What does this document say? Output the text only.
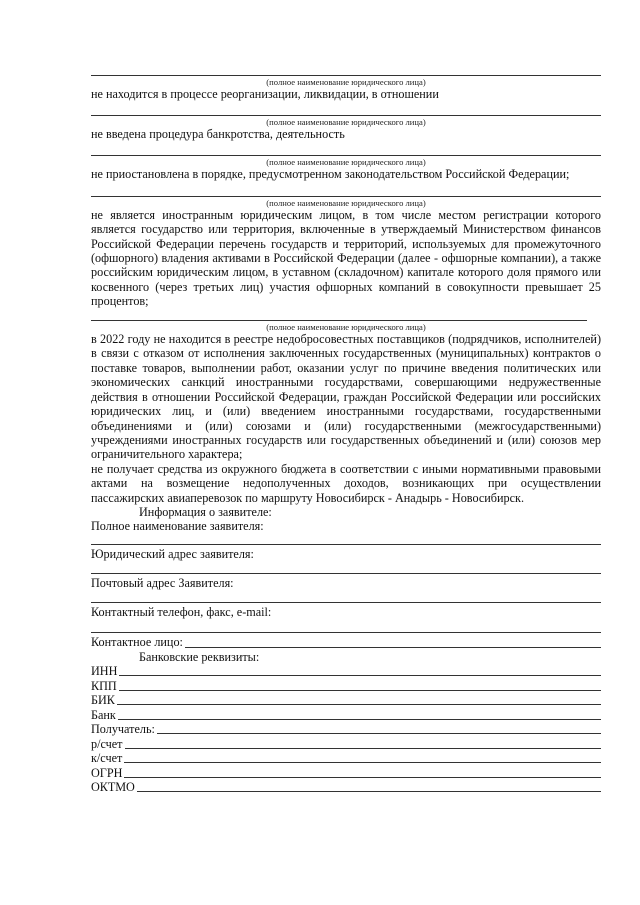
(полное наименование юридического лица)
не находится в процессе реорганизации, ликвидации, в отношении
(полное наименование юридического лица)
не введена процедура банкротства, деятельность
(полное наименование юридического лица)
не приостановлена в порядке, предусмотренном законодательством Российской Федерации;
(полное наименование юридического лица)
не является иностранным юридическим лицом, в том числе местом регистрации которого является государство или территория, включенные в утверждаемый Министерством финансов Российской Федерации перечень государств и территорий, используемых для промежуточного (офшорного) владения активами в Российской Федерации (далее - офшорные компании), а также российским юридическим лицом, в уставном (складочном) капитале которого доля прямого или косвенного (через третьих лиц) участия офшорных компаний в совокупности превышает 25 процентов;
(полное наименование юридического лица)
в 2022 году не находится в реестре недобросовестных поставщиков (подрядчиков, исполнителей) в связи с отказом от исполнения заключенных государственных (муниципальных) контрактов о поставке товаров, выполнении работ, оказании услуг по причине введения политических или экономических санкций иностранными государствами, совершающими недружественные действия в отношении Российской Федерации, граждан Российской Федерации или российских юридических лиц, и (или) введением иностранными государствами, государственными объединениями и (или) союзами и (или) государственными (межгосударственными) учреждениями иностранных государств или государственных объединений и (или) союзов мер ограничительного характера;
не получает средства из окружного бюджета в соответствии с иными нормативными правовыми актами на возмещение недополученных доходов, возникающих при осуществлении пассажирских авиаперевозок по маршруту Новосибирск - Анадырь - Новосибирск.
Информация о заявителе:
Полное наименование заявителя:
Юридический адрес заявителя:
Почтовый адрес Заявителя:
Контактный телефон, факс, e-mail:
Контактное лицо:
Банковские реквизиты:
ИНН
КПП
БИК
Банк
Получатель:
р/счет
к/счет
ОГРН
ОКТМО
